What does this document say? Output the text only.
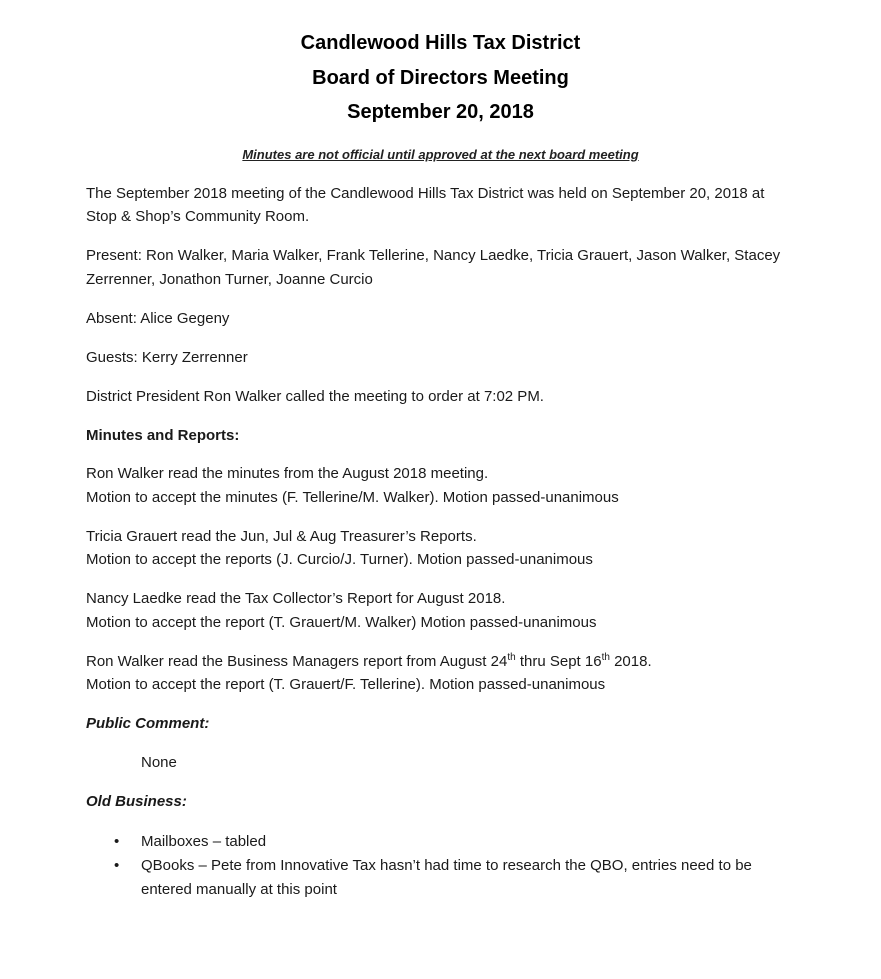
Candlewood Hills Tax District
Board of Directors Meeting
September 20, 2018
Minutes are not official until approved at the next board meeting
The September 2018 meeting of the Candlewood Hills Tax District was held on September 20, 2018 at
Stop & Shop’s Community Room.
Present: Ron Walker, Maria Walker, Frank Tellerine, Nancy Laedke, Tricia Grauert, Jason Walker, Stacey
Zerrenner, Jonathon Turner, Joanne Curcio
Absent: Alice Gegeny
Guests: Kerry Zerrenner
District President Ron Walker called the meeting to order at 7:02 PM.
Minutes and Reports:
Ron Walker read the minutes from the August 2018 meeting.
Motion to accept the minutes (F. Tellerine/M. Walker). Motion passed-unanimous
Tricia Grauert read the Jun, Jul & Aug Treasurer’s Reports.
Motion to accept the reports (J. Curcio/J. Turner). Motion passed-unanimous
Nancy Laedke read the Tax Collector’s Report for August 2018.
Motion to accept the report (T. Grauert/M. Walker) Motion passed-unanimous
Ron Walker read the Business Managers report from August 24th thru Sept 16th 2018.
Motion to accept the report (T. Grauert/F. Tellerine). Motion passed-unanimous
Public Comment:
None
Old Business:
• Mailboxes – tabled
• QBooks – Pete from Innovative Tax hasn’t had time to research the QBO, entries need to be
entered manually at this point
